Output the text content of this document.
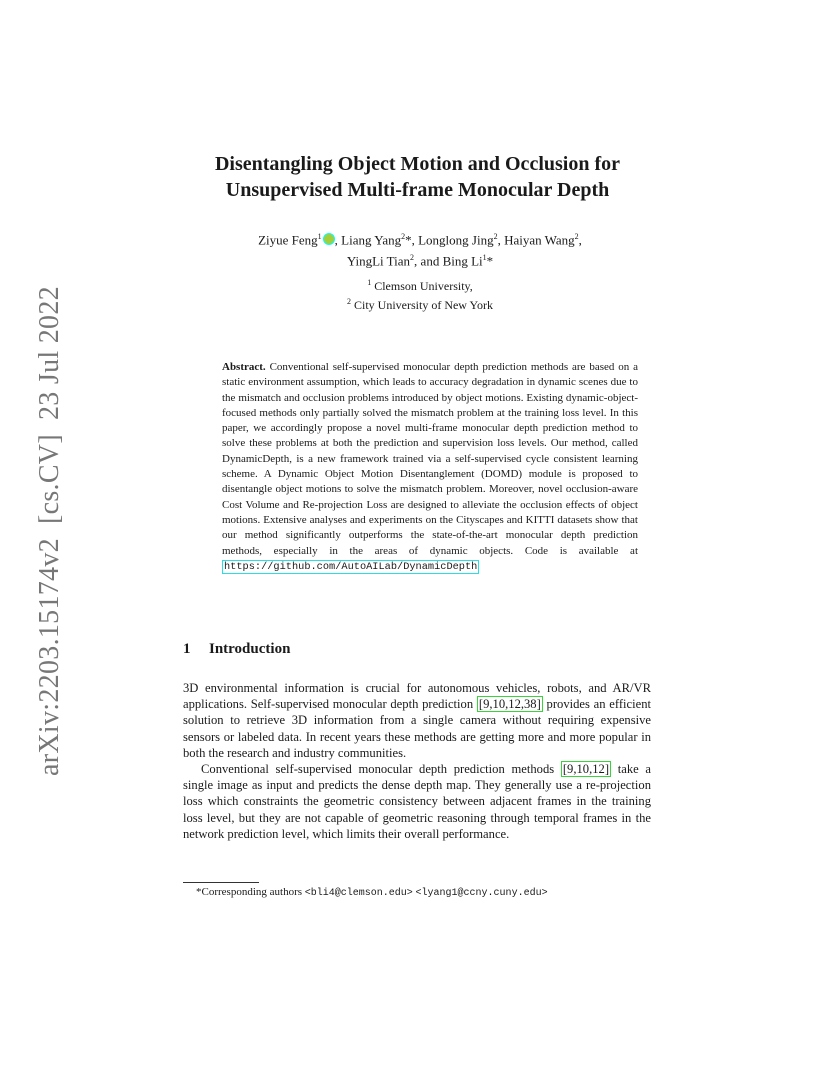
arXiv:2203.15174v2[cs.CV]23 Jul 2022
Disentangling Object Motion and Occlusion for
Unsupervised Multi-frame Monocular Depth
Ziyue Feng$^1$ , Liang Yang$^2$*, Longlong Jing$^2$, Haiyan Wang$^2$,
YingLi Tian$^2$, and Bing Li$^1$*
$^1$ Clemson University,
$^2$ City University of New York
Abstract. Conventional self-supervised monocular depth prediction methods are based on a static environment assumption, which leads to accuracy degradation in dynamic scenes due to the mismatch and occlusion problems introduced by object motions. Existing dynamic-object-focused methods only partially solved the mismatch problem at the training loss level. In this paper, we accordingly propose a novel multi-frame monocular depth prediction method to solve these problems at both the prediction and supervision loss levels. Our method, called DynamicDepth, is a new framework trained via a self-supervised cycle consistent learning scheme. A Dynamic Object Motion Disentanglement (DOMD) module is proposed to disentangle object motions to solve the mismatch problem. Moreover, novel occlusion-aware Cost Volume and Re-projection Loss are designed to alleviate the occlusion effects of object motions. Extensive analyses and experiments on the Cityscapes and KITTI datasets show that our method significantly outperforms the state-of-the-art monocular depth prediction methods, especially in the areas of dynamic objects. Code is available at https://github.com/AutoAILab/DynamicDepth
1 Introduction

3D environmental information is crucial for autonomous vehicles, robots, and AR/VR applications. Self-supervised monocular depth prediction [9,10,12,38] provides an efficient solution to retrieve 3D information from a single camera without requiring expensive sensors or labeled data. In recent years these methods are getting more and more popular in both the research and industry communities.

Conventional self-supervised monocular depth prediction methods [9,10,12] take a single image as input and predicts the dense depth map. They generally use a re-projection loss which constraints the geometric consistency between adjacent frames in the training loss level, but they are not capable of geometric reasoning through temporal frames in the network prediction level, which limits their overall performance.

*Corresponding authors <bli4@clemson.edu> <lyang1@ccny.cuny.edu>
